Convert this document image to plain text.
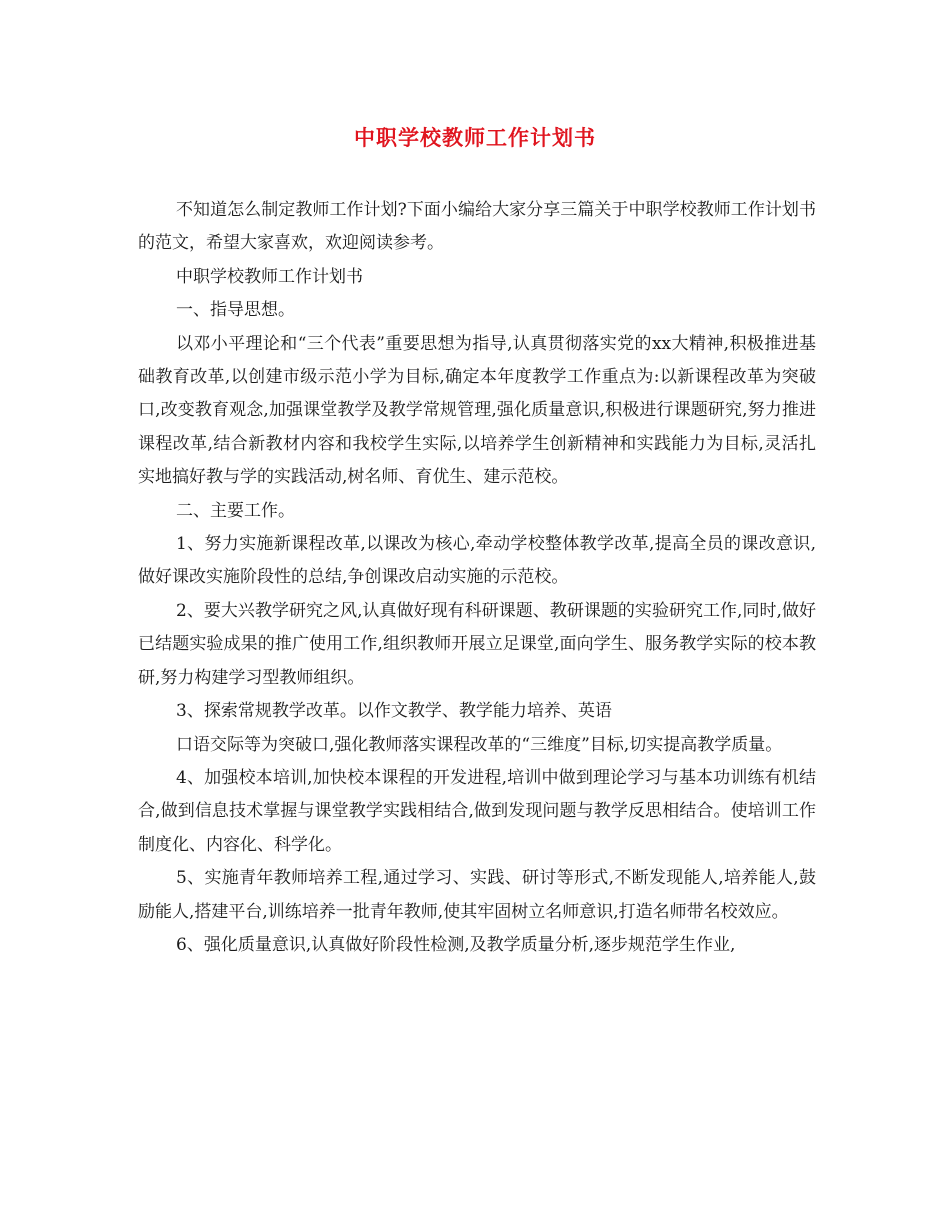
中职学校教师工作计划书

不知道怎么制定教师工作计划?下面小编给大家分享三篇关于中职学校教师工作计划书的范文，希望大家喜欢，欢迎阅读参考。

中职学校教师工作计划书

一、指导思想。

以邓小平理论和“三个代表”重要思想为指导,认真贯彻落实党的xx大精神,积极推进基础教育改革,以创建市级示范小学为目标,确定本年度教学工作重点为:以新课程改革为突破口,改变教育观念,加强课堂教学及教学常规管理,强化质量意识,积极进行课题研究,努力推进课程改革,结合新教材内容和我校学生实际,以培养学生创新精神和实践能力为目标,灵活扎实地搞好教与学的实践活动,树名师、育优生、建示范校。

二、主要工作。

1、努力实施新课程改革,以课改为核心,牵动学校整体教学改革,提高全员的课改意识,做好课改实施阶段性的总结,争创课改启动实施的示范校。

2、要大兴教学研究之风,认真做好现有科研课题、教研课题的实验研究工作,同时,做好已结题实验成果的推广使用工作,组织教师开展立足课堂,面向学生、服务教学实际的校本教研,努力构建学习型教师组织。

3、探索常规教学改革。以作文教学、教学能力培养、英语

口语交际等为突破口,强化教师落实课程改革的“三维度”目标,切实提高教学质量。

4、加强校本培训,加快校本课程的开发进程,培训中做到理论学习与基本功训练有机结合,做到信息技术掌握与课堂教学实践相结合,做到发现问题与教学反思相结合。使培训工作制度化、内容化、科学化。

5、实施青年教师培养工程,通过学习、实践、研讨等形式,不断发现能人,培养能人,鼓励能人,搭建平台,训练培养一批青年教师,使其牢固树立名师意识,打造名师带名校效应。

6、强化质量意识,认真做好阶段性检测,及教学质量分析,逐步规范学生作业,
